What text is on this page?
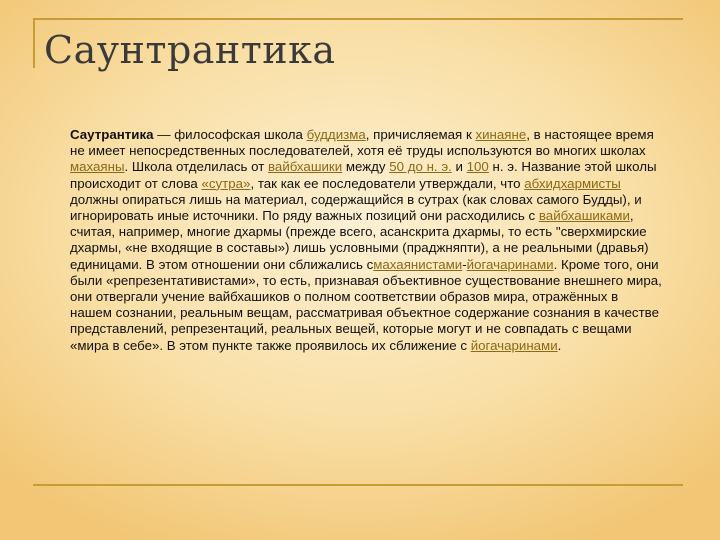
Саунтрантика

Саутрантика — философская школа буддизма, причисляемая к хинаяне, в настоящее время не имеет непосредственных последователей, хотя её труды используются во многих школах махаяны. Школа отделилась от вайбхашики между 50 до н. э. и 100 н. э. Название этой школы происходит от слова «сутра», так как ее последователи утверждали, что абхидхармисты должны опираться лишь на материал, содержащийся в сутрах (как словах самого Будды), и игнорировать иные источники. По ряду важных позиций они расходились с вайбхашиками, считая, например, многие дхармы (прежде всего, асанскрита дхармы, то есть "сверхмирские дхармы, «не входящие в составы») лишь условными (праджняпти), а не реальными (дравья) единицами. В этом отношении они сближались смахаянистами-йогачаринами. Кроме того, они были «репрезентативистами», то есть, признавая объективное существование внешнего мира, они отвергали учение вайбхашиков о полном соответствии образов мира, отражённых в нашем сознании, реальным вещам, рассматривая объектное содержание сознания в качестве представлений, репрезентаций, реальных вещей, которые могут и не совпадать с вещами «мира в себе». В этом пункте также проявилось их сближение с йогачаринами.
